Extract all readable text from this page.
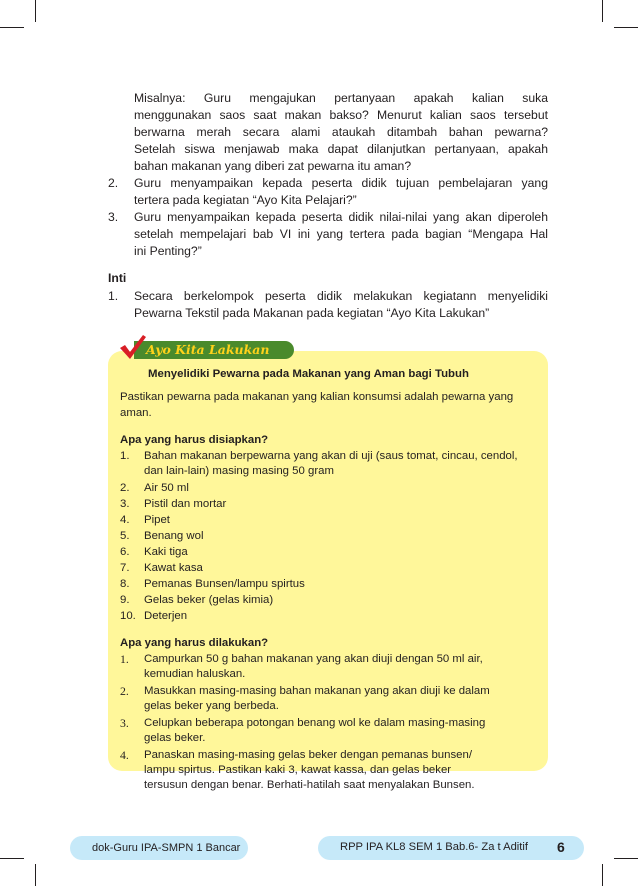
Misalnya: Guru mengajukan pertanyaan apakah kalian suka
menggunakan saos saat makan bakso? Menurut kalian saos tersebut
berwarna merah secara alami ataukah ditambah bahan pewarna?
Setelah siswa menjawab maka dapat dilanjutkan pertanyaan, apakah
bahan makanan yang diberi zat pewarna itu aman?
2. Guru menyampaikan kepada peserta didik tujuan pembelajaran yang
tertera pada kegiatan “Ayo Kita Pelajari?”
3. Guru menyampaikan kepada peserta didik nilai-nilai yang akan diperoleh
setelah mempelajari bab VI ini yang tertera pada bagian “Mengapa Hal
ini Penting?”
Inti
1. Secara berkelompok peserta didik melakukan kegiatann menyelidiki
Pewarna Tekstil pada Makanan pada kegiatan “Ayo Kita Lakukan”
Ayo Kita Lakukan
Menyelidiki Pewarna pada Makanan yang Aman bagi Tubuh
Pastikan pewarna pada makanan yang kalian konsumsi adalah pewarna yang
aman.
Apa yang harus disiapkan?
1. Bahan makanan berpewarna yang akan di uji (saus tomat, cincau, cendol,
dan lain-lain) masing masing 50 gram
2. Air 50 ml
3. Pistil dan mortar
4. Pipet
5. Benang wol
6. Kaki tiga
7. Kawat kasa
8. Pemanas Bunsen/lampu spirtus
9. Gelas beker (gelas kimia)
10. Deterjen
Apa yang harus dilakukan?
1. Campurkan 50 g bahan makanan yang akan diuji dengan 50 ml air,
kemudian haluskan.
2. Masukkan masing-masing bahan makanan yang akan diuji ke dalam
gelas beker yang berbeda.
3. Celupkan beberapa potongan benang wol ke dalam masing-masing
gelas beker.
4. Panaskan masing-masing gelas beker dengan pemanas bunsen/
lampu spirtus. Pastikan kaki 3, kawat kassa, dan gelas beker
tersusun dengan benar. Berhati-hatilah saat menyalakan Bunsen.
dok-Guru IPA-SMPN 1 Bancar	RPP IPA KL8 SEM 1 Bab.6- Za t Aditif 6
